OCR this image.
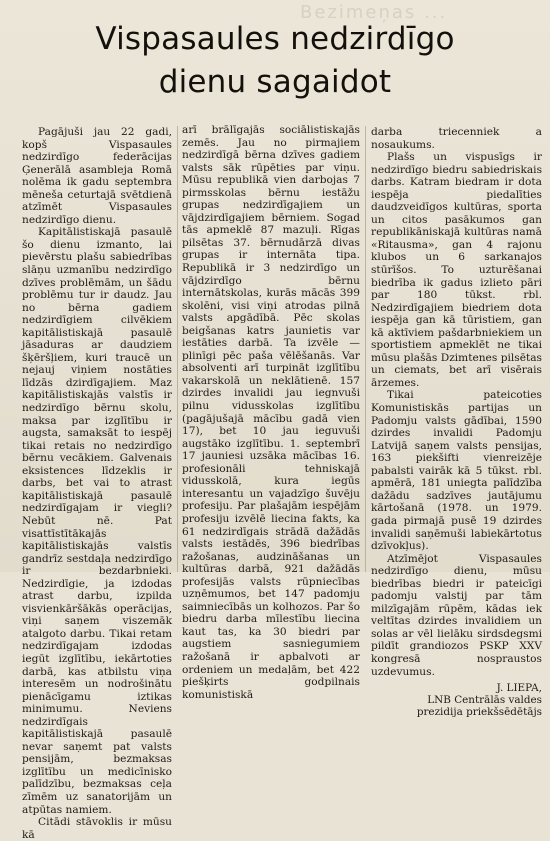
Bezimeņas ...
Vispasaules nedzirdīgo
dienu sagaidot

Pagājuši jau 22 gadi, kopš Vispasaules nedzirdīgo federācijas Ģenerālā asambleja Romā nolēma ik gadu septembra mēneša ceturtajā svētdienā atzīmēt Vispasaules nedzirdīgo dienu.

Kapitālistiskajā pasaulē šo dienu izmanto, lai pievērstu plašu sabiedrības slāņu uzmanību nedzirdīgo dzīves problēmām, un šādu problēmu tur ir daudz. Jau no bērna gadiem nedzirdīgiem cilvēkiem kapitālistiskajā pasaulē jāsaduras ar daudziem šķēršļiem, kuri traucē un nejauj viņiem nostāties līdzās dzirdīgajiem. Maz kapitālistiskajās valstīs ir nedzirdīgo bērnu skolu, maksa par izglītību ir augsta, samaksāt to iespēj tikai retais no nedzirdīgo bērnu vecākiem. Galvenais eksistences līdzeklis ir darbs, bet vai to atrast kapitālistiskajā pasaulē nedzirdīgajam ir viegli? Nebūt nē. Pat visattīstītākajās kapitālistiskajās valstīs gandrīz sestdaļa nedzirdīgo ir bezdarbnieki. Nedzirdīgie, ja izdodas atrast darbu, izpilda visvienkāršākās operācijas, viņi saņem viszemāk atalgoto darbu. Tikai retam nedzirdīgajam izdodas iegūt izglītību, iekārtoties darbā, kas atbilstu viņa interesēm un nodrošinātu pienācīgamu iztikas minimumu. Neviens nedzirdīgais kapitālistiskajā pasaulē nevar saņemt pat valsts pensijām, bezmaksas izglītību un medicīnisko palīdzību, bezmaksas ceļa zīmēm uz sanatorijām un atpūtas namiem.

Citādi stāvoklis ir mūsu kā

arī brālīgajās sociālistiskajās zemēs. Jau no pirmajiem nedzirdīgā bērna dzīves gadiem valsts sāk rūpēties par viņu. Mūsu republikā vien darbojas 7 pirmsskolas bērnu iestāžu grupas nedzirdīgajiem un vājdzirdīgajiem bērniem. Sogad tās apmeklē 87 mazuļi. Rīgas pilsētas 37. bērnudārzā divas grupas ir internāta tipa. Republikā ir 3 nedzirdīgo un vājdzirdīgo bērnu internātskolas, kurās mācās 399 skolēni, visi viņi atrodas pilnā valsts apgādībā. Pēc skolas beigšanas katrs jaunietis var iestāties darbā. Ta izvēle — plinīgi pēc paša vēlēšanās. Var absolventi arī turpināt izglītību vakarskolā un neklātienē. 157 dzirdes invalidi jau iegnvuši pilnu vidusskolas izglītību (pagājušajā mācību gadā vien 17), bet 10 jau ieguvuši augstāko izglītību. 1. septembrī 17 jauniesi uzsāka mācības 16. profesionāli tehniskajā vidusskolā, kura iegūs interesantu un vajadzīgo šuvēju profesiju. Par plašajām iespējām profesiju izvēlē liecina fakts, ka 61 nedzirdīgais strādā dažādās valsts iestādēs, 396 biedrības ražošanas, audzināšanas un kultūras darbā, 921 dažādās profesijās valsts rūpniecības uzņēmumos, bet 147 padomju saimniecībās un kolhozos. Par šo biedru darba mīlestību liecina kaut tas, ka 30 biedri par augstiem sasniegumiem ražošanā ir apbalvoti ar ordeniem un medaļām, bet 422 piešķirts godpilnais komunistiskā

darba triecenniek a nosaukums.

Plašs un vispusīgs ir nedzirdīgo biedru sabiedriskais darbs. Katram biedram ir dota iespēja piedalīties daudzveidīgos kultūras, sporta un citos pasākumos gan republikāniskajā kultūras namā «Ritausma», gan 4 rajonu klubos un 6 sarkanajos stūrīšos. To uzturēšanai biedrība ik gadus izlieto pāri par 180 tūkst. rbl. Nedzirdīgajiem biedriem dota iespēja gan kā tūristiem, gan kā aktīviem pašdarbniekiem un sportistiem apmeklēt ne tikai mūsu plašās Dzimtenes pilsētas un ciemats, bet arī visērais ārzemes.

Tikai pateicoties Komunistiskās partijas un Padomju valsts gādībai, 1590 dzirdes invalidi Padomju Latvijā saņem valsts pensijas, 163 piekšifti vienreizēje pabalsti vairāk kā 5 tūkst. rbl. apmērā, 181 uniegta palīdzība dažādu sadzīves jautājumu kārtošanā (1978. un 1979. gada pirmajā pusē 19 dzirdes invalidi saņēmuši labiekārtotus dzīvokļus).

Atzīmējot Vispasaules nedzirdīgo dienu, mūsu biedrības biedri ir pateicīgi padomju valstij par tām milzīgajām rūpēm, kādas iek veltītas dzirdes invalidiem un solas ar vēl lielāku sirdsdegsmi pildīt grandiozos PSKP XXV kongresā nospraustos uzdevumus.

J. LIEPA,
LNB Centrālās valdes
prezidija priekšsēdētājs
